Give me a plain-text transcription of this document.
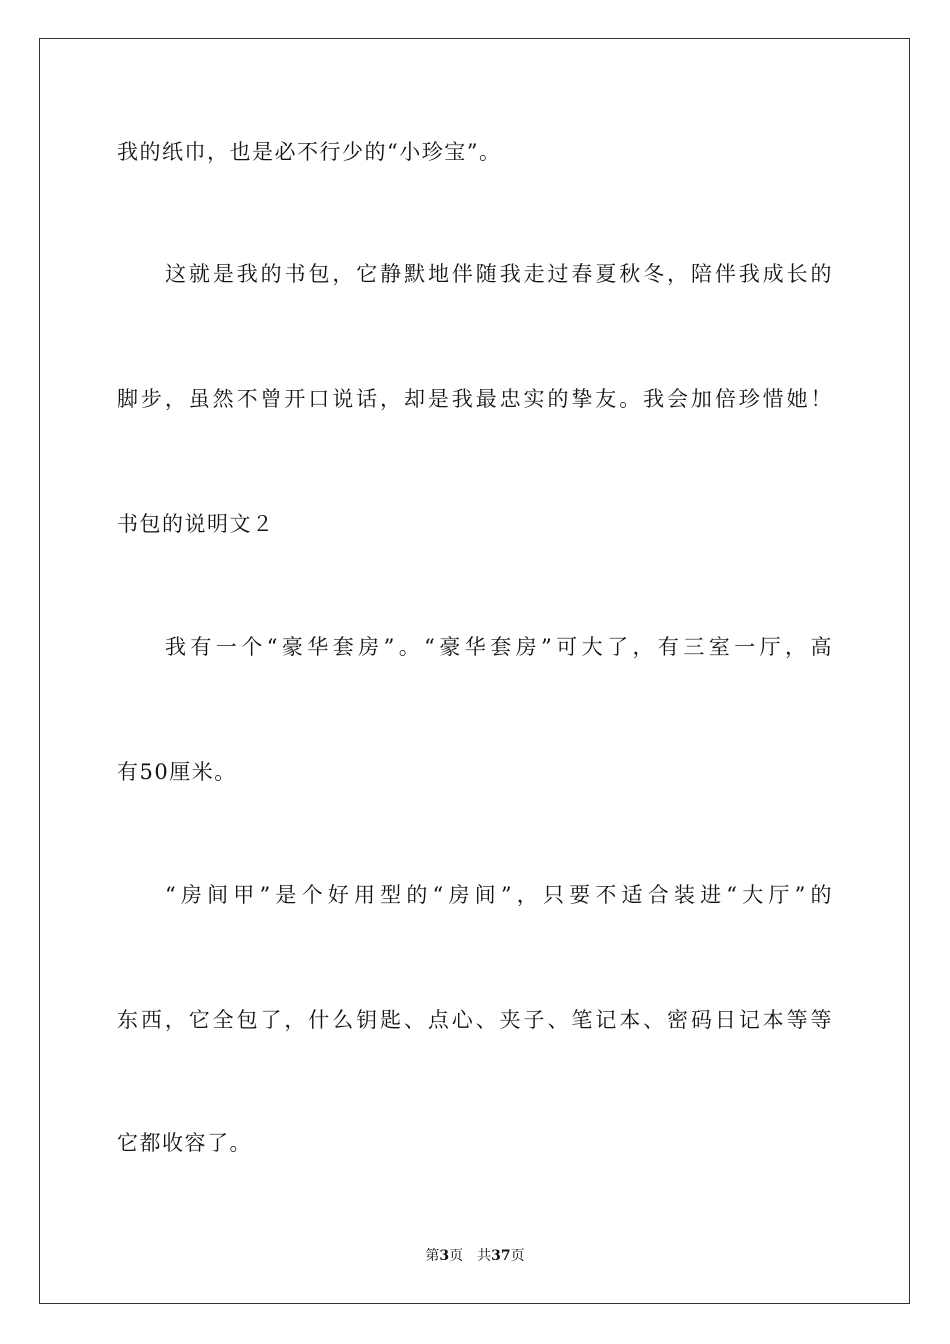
我的纸巾，也是必不行少的“小珍宝”。
这就是我的书包，它静默地伴随我走过春夏秋冬，陪伴我成长的
脚步，虽然不曾开口说话，却是我最忠实的挚友。我会加倍珍惜她！
书包的说明文２
我有一个“豪华套房”。“豪华套房”可大了，有三室一厅，高
有50厘米。
“房间甲”是个好用型的“房间”，只要不适合装进“大厅”的
东西，它全包了，什么钥匙、点心、夹子、笔记本、密码日记本等等
它都收容了。
第3页 共37页
